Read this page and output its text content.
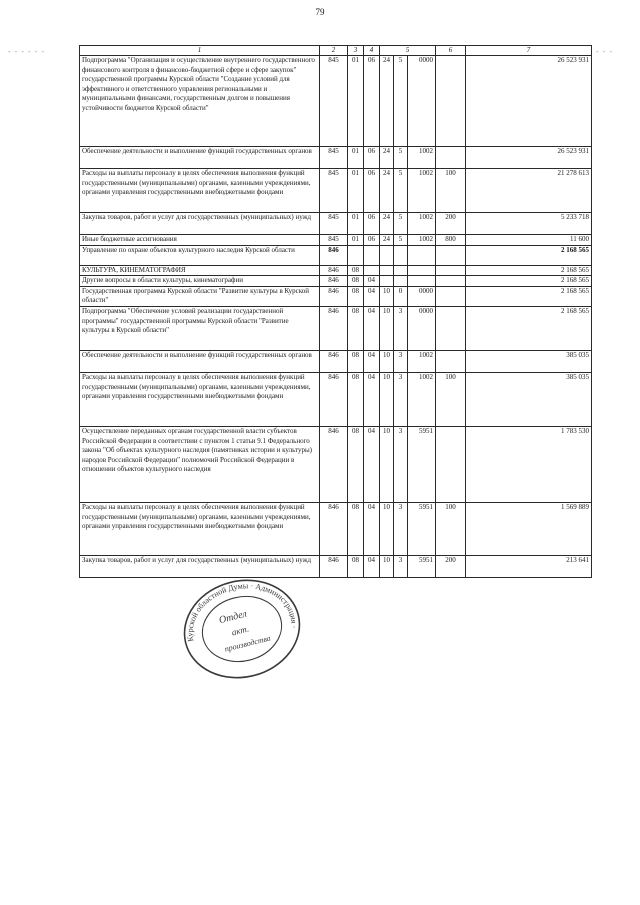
79
- - - - - -	- - -
1	2	3	4	5			6	7
Подпрограмма "Организация и осуществление внутреннего государственного финансового контроля в финансово-бюджетной сфере и сфере закупок" государственной программы Курской области "Создание условий для эффективного и ответственного управления региональными и муниципальными финансами, государственным долгом и повышения устойчивости бюджетов Курской области"	845	01	06	24	5	0000		26 523 931
Обеспечение деятельности и выполнение функций государственных органов	845	01	06	24	5	1002		26 523 931
Расходы на выплаты персоналу в целях обеспечения выполнения функций государственными (муниципальными) органами, казенными учреждениями, органами управления государственными внебюджетными фондами	845	01	06	24	5	1002	100	21 278 613
Закупка товаров, работ и услуг для государственных (муниципальных) нужд	845	01	06	24	5	1002	200	5 233 718
Иные бюджетные ассигнования	845	01	06	24	5	1002	800	11 600
Управление по охране объектов культурного наследия Курской области	846							2 168 565
КУЛЬТУРА, КИНЕМАТОГРАФИЯ	846	08						2 168 565
Другие вопросы в области культуры, кинематографии	846	08	04					2 168 565
Государственная программа Курской области "Развитие культуры в Курской области"	846	08	04	10	0	0000		2 168 565
Подпрограмма "Обеспечение условий реализации государственной программы" государственной программы Курской области "Развитие культуры в Курской области"	846	08	04	10	3	0000		2 168 565
Обеспечение деятельности и выполнение функций государственных органов	846	08	04	10	3	1002		385 035
Расходы на выплаты персоналу в целях обеспечения выполнения функций государственными (муниципальными) органами, казенными учреждениями, органами управления государственными внебюджетными фондами	846	08	04	10	3	1002	100	385 035
Осуществление переданных органам государственной власти субъектов Российской Федерации в соответствии с пунктом 1 статьи 9.1 Федерального закона "Об объектах культурного наследия (памятниках истории и культуры) народов Российской Федерации" полномочий Российской Федерации в отношении объектов культурного наследия	846	08	04	10	3	5951		1 783 530
Расходы на выплаты персоналу в целях обеспечения выполнения функций государственными (муниципальными) органами, казенными учреждениями, органами управления государственными внебюджетными фондами	846	08	04	10	3	5951	100	1 569 889
Закупка товаров, работ и услуг для государственных (муниципальных) нужд	846	08	04	10	3	5951	200	213 641
Курской областной Думы · Администрация ·
Отдел
акт.
производства
